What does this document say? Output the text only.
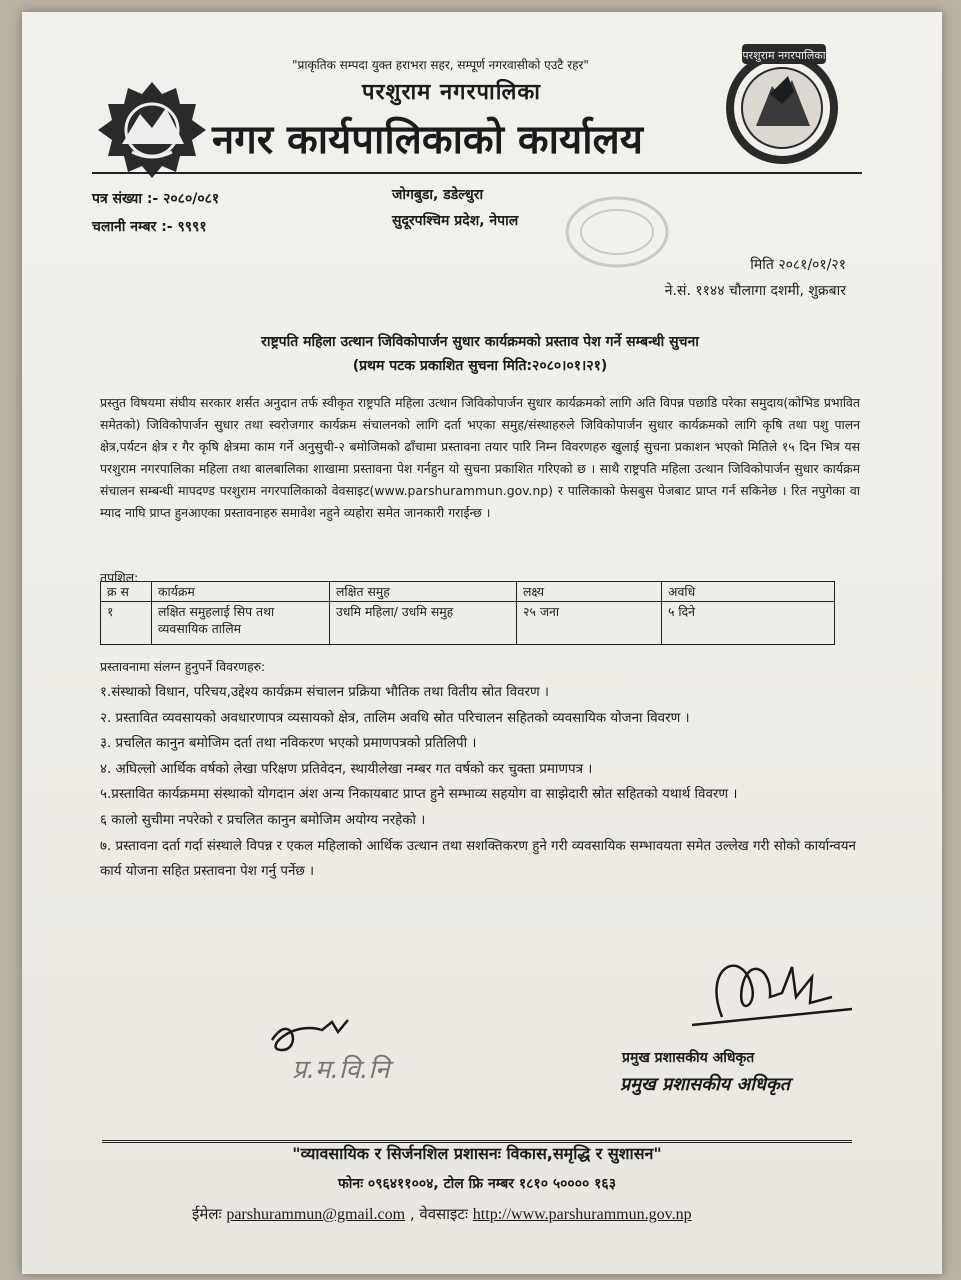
"प्राकृतिक सम्पदा युक्त हराभरा सहर, सम्पूर्ण नगरवासीको एउटै रहर"
परशुराम नगरपालिका
नगर कार्यपालिकाको कार्यालय
परशुराम नगरपालिका
पत्र संख्या :- २०८०/०८१
चलानी नम्बर :- ९९९१
जोगबुडा, डडेल्धुरा
सुदूरपश्चिम प्रदेश, नेपाल
मिति २०८१/०१/२१
ने.सं. ११४४ चौलागा दशमी, शुक्रबार
राष्ट्रपति महिला उत्थान जिविकोपार्जन सुधार कार्यक्रमको प्रस्ताव पेश गर्ने सम्बन्धी सुचना
(प्रथम पटक प्रकाशित सुचना मिति:२०८०।०१।२१)
प्रस्तुत विषयमा संघीय सरकार शर्सत अनुदान तर्फ स्वीकृत राष्ट्रपति महिला उत्थान जिविकोपार्जन सुधार कार्यक्रमको लागि अति विपन्न पछाडि परेका समुदाय(कोभिड प्रभावित समेतको) जिविकोपार्जन सुधार तथा स्वरोजगार कार्यक्रम संचालनको लागि दर्ता भएका समुह/संस्थाहरुले जिविकोपार्जन सुधार कार्यक्रमको लागि कृषि तथा पशु पालन क्षेत्र,पर्यटन क्षेत्र र गैर कृषि क्षेत्रमा काम गर्ने अनुसुची-२ बमोजिमको ढाँचामा प्रस्तावना तयार पारि निम्न विवरणहरु खुलाई सुचना प्रकाशन भएको मितिले १५ दिन भित्र यस परशुराम नगरपालिका महिला तथा बालबालिका शाखामा प्रस्तावना पेश गर्नहुन यो सुचना प्रकाशित गरिएको छ । साथै राष्ट्रपति महिला उत्थान जिविकोपार्जन सुधार कार्यक्रम संचालन सम्बन्धी मापदण्ड परशुराम नगरपालिकाको वेवसाइट(www.parshurammun.gov.np) र पालिकाको फेसबुस पेजबाट प्राप्त गर्न सकिनेछ । रित नपुगेका वा म्याद नाघि प्राप्त हुनआएका प्रस्तावनाहरु समावेश नहुने व्यहोरा समेत जानकारी गराईन्छ ।
तपशिल:
क्र स	कार्यक्रम	लक्षित समुह	लक्ष्य	अवधि
१	लक्षित समुहलाई सिप तथा व्यवसायिक तालिम	उधमि महिला/ उधमि समुह	२५ जना	५ दिने
प्रस्तावनामा संलग्न हुनुपर्ने विवरणहरु:
१.संस्थाको विधान, परिचय,उद्देश्य कार्यक्रम संचालन प्रक्रिया भौतिक तथा वितीय स्रोत विवरण ।
२. प्रस्तावित व्यवसायको अवधारणापत्र व्यसायको क्षेत्र, तालिम अवधि स्रोत परिचालन सहितको व्यवसायिक योजना विवरण ।
३. प्रचलित कानुन बमोजिम दर्ता तथा नविकरण भएको प्रमाणपत्रको प्रतिलिपी ।
४. अघिल्लो आर्थिक वर्षको लेखा परिक्षण प्रतिवेदन, स्थायीलेखा नम्बर गत वर्षको कर चुक्ता प्रमाणपत्र ।
५.प्रस्तावित कार्यक्रममा संस्थाको योगदान अंश अन्य निकायबाट प्राप्त हुने सम्भाव्य सहयोग वा साझेदारी स्रोत सहितको यथार्थ विवरण ।
६ कालो सुचीमा नपरेको र प्रचलित कानुन बमोजिम अयोग्य नरहेको ।
७. प्रस्तावना दर्ता गर्दा संस्थाले विपन्न र एकल महिलाको आर्थिक उत्थान तथा सशक्तिकरण हुने गरी व्यवसायिक सम्भावयता समेत उल्लेख गरी सोको कार्यान्वयन कार्य योजना सहित प्रस्तावना पेश गर्नु पर्नेछ ।
प्र.म.वि.नि	प्रमुख प्रशासकीय अधिकृत
प्रमुख प्रशासकीय अधिकृत
"व्यावसायिक र सिर्जनशिल प्रशासनः विकास,समृद्धि र सुशासन"
फोनः ०९६४११००४, टोल फ्रि नम्बर १८१० ५०००० १६३
ईमेलः parshurammun@gmail.com , वेवसाइटः http://www.parshurammun.gov.np
